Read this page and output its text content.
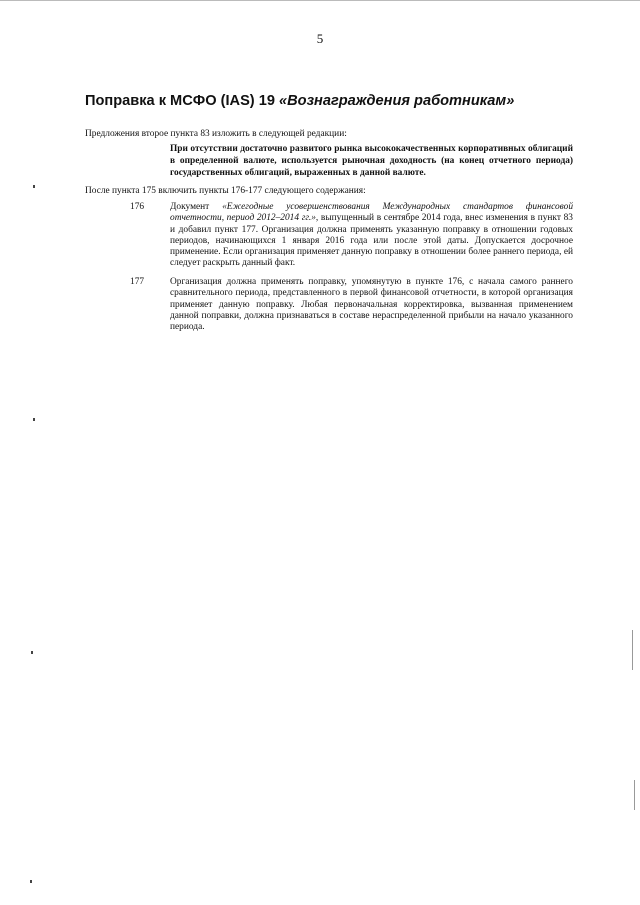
5
Поправка к МСФО (IAS) 19 «Вознаграждения работникам»
Предложения второе пункта 83 изложить в следующей редакции:
При отсутствии достаточно развитого рынка высококачественных корпоративных облигаций в определенной валюте, используется рыночная доходность (на конец отчетного периода) государственных облигаций, выраженных в данной валюте.
После пункта 175 включить пункты 176-177 следующего содержания:
176	Документ «Ежегодные усовершенствования Международных стандартов финансовой отчетности, период 2012–2014 гг.», выпущенный в сентябре 2014 года, внес изменения в пункт 83 и добавил пункт 177. Организация должна применять указанную поправку в отношении годовых периодов, начинающихся 1 января 2016 года или после этой даты. Допускается досрочное применение. Если организация применяет данную поправку в отношении более раннего периода, ей следует раскрыть данный факт.
177	Организация должна применять поправку, упомянутую в пункте 176, с начала самого раннего сравнительного периода, представленного в первой финансовой отчетности, в которой организация применяет данную поправку. Любая первоначальная корректировка, вызванная применением данной поправки, должна признаваться в составе нераспределенной прибыли на начало указанного периода.
